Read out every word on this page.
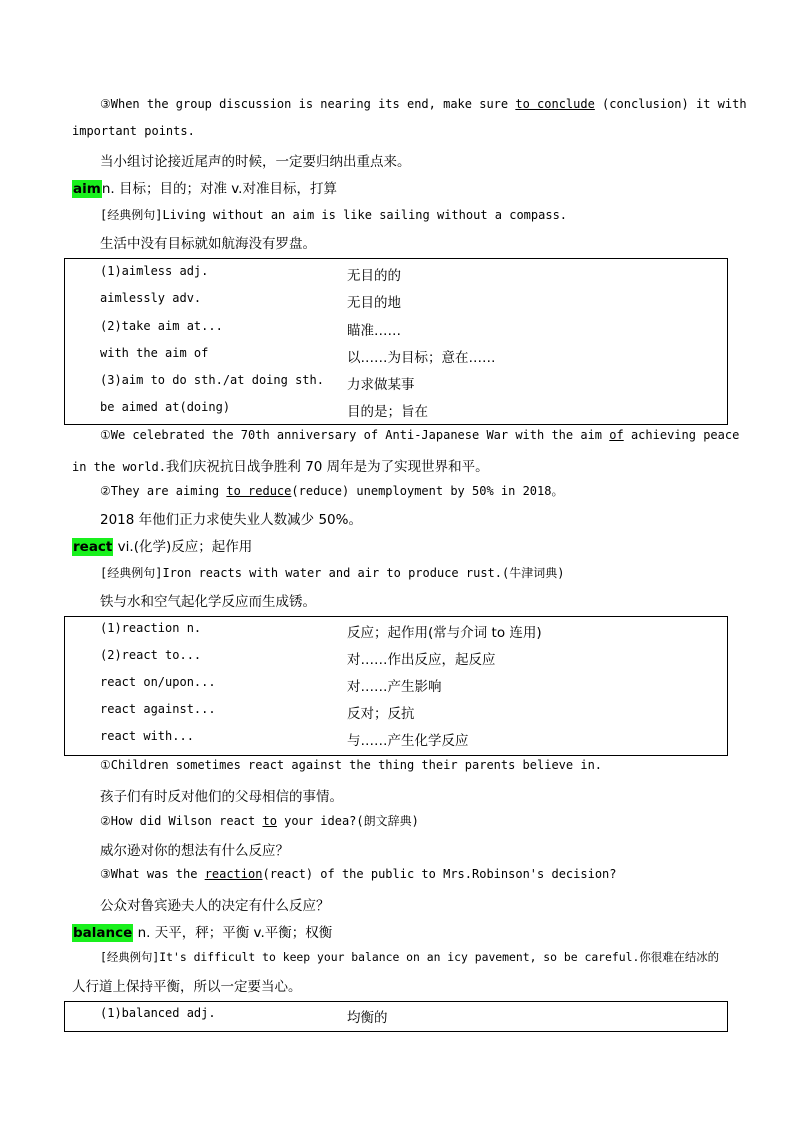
③When the group discussion is nearing its end, make sure to conclude (conclusion) it with
important points.
当小组讨论接近尾声的时候，一定要归纳出重点来。
aimn. 目标；目的；对准 v.对准目标，打算
[经典例句]Living without an aim is like sailing without a compass.
生活中没有目标就如航海没有罗盘。
(1)aimless adj.	无目的的
aimlessly adv.	无目的地
(2)take aim at...	瞄准……
with the aim of	以……为目标；意在……
(3)aim to do sth./at doing sth. 力求做某事
be aimed at(doing)	目的是；旨在
①We celebrated the 70th anniversary of Anti-Japanese War with the aim of achieving peace
in the world.我们庆祝抗日战争胜利 70 周年是为了实现世界和平。
②They are aiming to reduce(reduce) unemployment by 50% in 2018。
2018 年他们正力求使失业人数减少 50%。
react vi.(化学)反应；起作用
[经典例句]Iron reacts with water and air to produce rust.(牛津词典)
铁与水和空气起化学反应而生成锈。
(1)reaction n.	反应；起作用(常与介词 to 连用)
(2)react to...	对……作出反应，起反应
react on/upon...	对……产生影响
react against...	反对；反抗
react with...	与……产生化学反应
①Children sometimes react against the thing their parents believe in.
孩子们有时反对他们的父母相信的事情。
②How did Wilson react to your idea?(朗文辞典)
威尔逊对你的想法有什么反应？
③What was the reaction(react) of the public to Mrs.Robinson's decision?
公众对鲁宾逊夫人的决定有什么反应？
balance n. 天平，秤；平衡 v.平衡；权衡
[经典例句]It's difficult to keep your balance on an icy pavement, so be careful.你很难在结冰的
人行道上保持平衡，所以一定要当心。
(1)balanced adj.	均衡的
